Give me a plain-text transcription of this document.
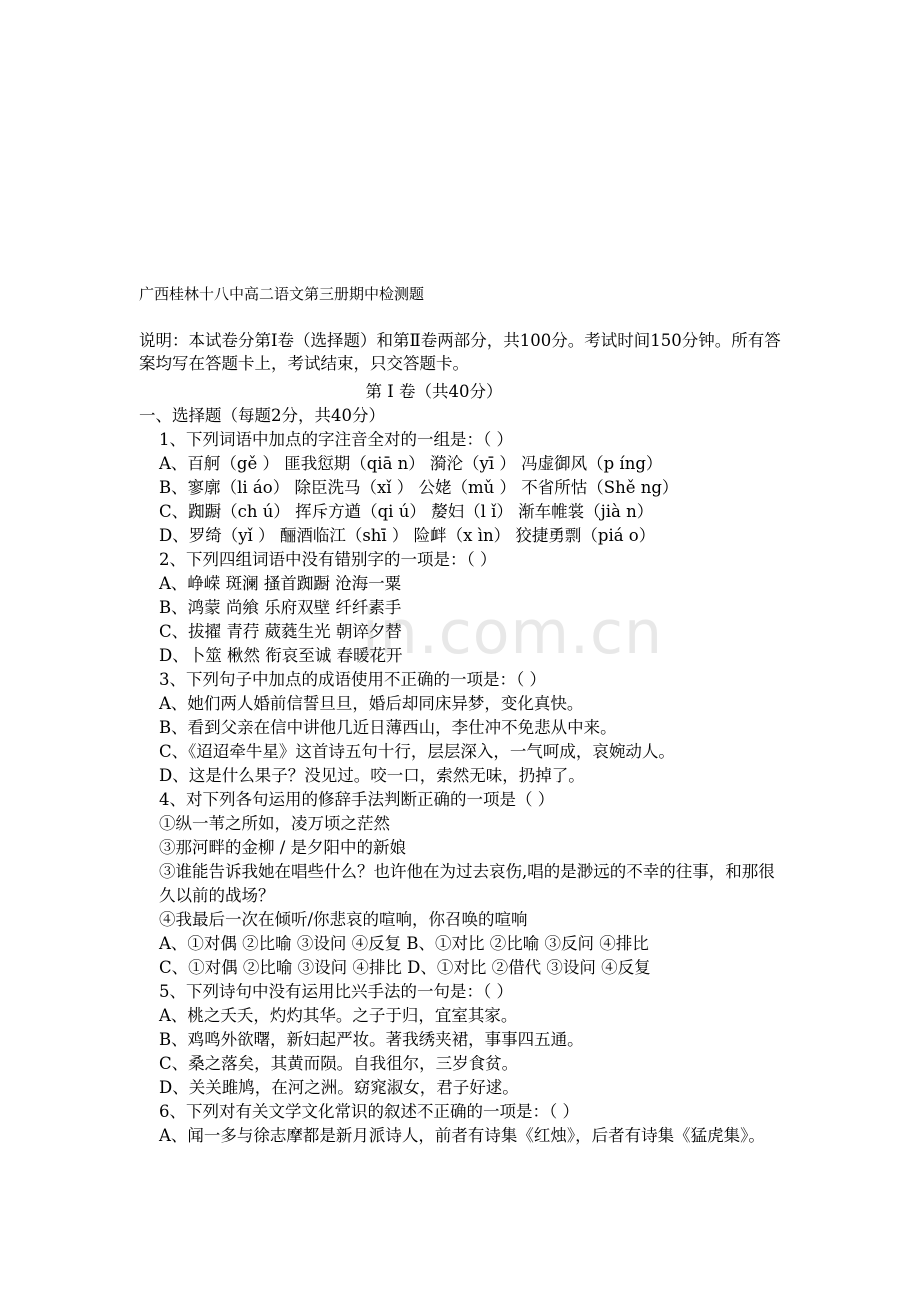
in.com.cn
广西桂林十八中高二语文第三册期中检测题
说明：本试卷分第Ⅰ卷（选择题）和第Ⅱ卷两部分，共100分。考试时间150分钟。所有答案均写在答题卡上，考试结束，只交答题卡。
第 Ⅰ 卷（共40分）
一、选择题（每题2分，共40分）
1、下列词语中加点的字注音全对的一组是：（ ）
A、百舸（gě ） 匪我愆期（qiā n） 漪沦（yī ） 冯虚御风（p íng）
B、寥廓（li áo） 除臣洗马（xǐ ） 公姥（mǔ ） 不省所怙（Shě ng）
C、踟蹰（ch ú） 挥斥方遒（qi ú） 嫠妇（l ǐ） 渐车帷裳（jià n）
D、罗绮（yǐ ） 酾酒临江（shī ） 险衅（x ìn） 狡捷勇剽（piá o）
2、下列四组词语中没有错别字的一项是：（ ）
A、峥嵘 斑澜 搔首踟蹰 沧海一粟
B、鸿蒙 尚飨 乐府双壁 纤纤素手
C、拔擢 青荇 葳蕤生光 朝谇夕替
D、卜筮 楸然 衔哀至诚 春暖花开
3、下列句子中加点的成语使用不正确的一项是：（ ）
A、她们两人婚前信誓旦旦，婚后却同床异梦，变化真快。
B、看到父亲在信中讲他几近日薄西山，李仕冲不免悲从中来。
C、《迢迢牵牛星》这首诗五句十行，层层深入，一气呵成，哀婉动人。
D、这是什么果子？没见过。咬一口，索然无味，扔掉了。
4、对下列各句运用的修辞手法判断正确的一项是（ ）
①纵一苇之所如，凌万顷之茫然
③那河畔的金柳 / 是夕阳中的新娘
③谁能告诉我她在唱些什么？也许他在为过去哀伤,唱的是渺远的不幸的往事，和那很久以前的战场？
④我最后一次在倾听/你悲哀的喧响，你召唤的喧响
A、①对偶 ②比喻 ③设问 ④反复 B、①对比 ②比喻 ③反问 ④排比
C、①对偶 ②比喻 ③设问 ④排比 D、①对比 ②借代 ③设问 ④反复
5、下列诗句中没有运用比兴手法的一句是：（ ）
A、桃之夭夭，灼灼其华。之子于归，宜室其家。
B、鸡鸣外欲曙，新妇起严妆。著我绣夹裙，事事四五通。
C、桑之落矣，其黄而陨。自我徂尔，三岁食贫。
D、关关雎鸠，在河之洲。窈窕淑女，君子好逑。
6、下列对有关文学文化常识的叙述不正确的一项是：（ ）
A、闻一多与徐志摩都是新月派诗人，前者有诗集《红烛》，后者有诗集《猛虎集》。
